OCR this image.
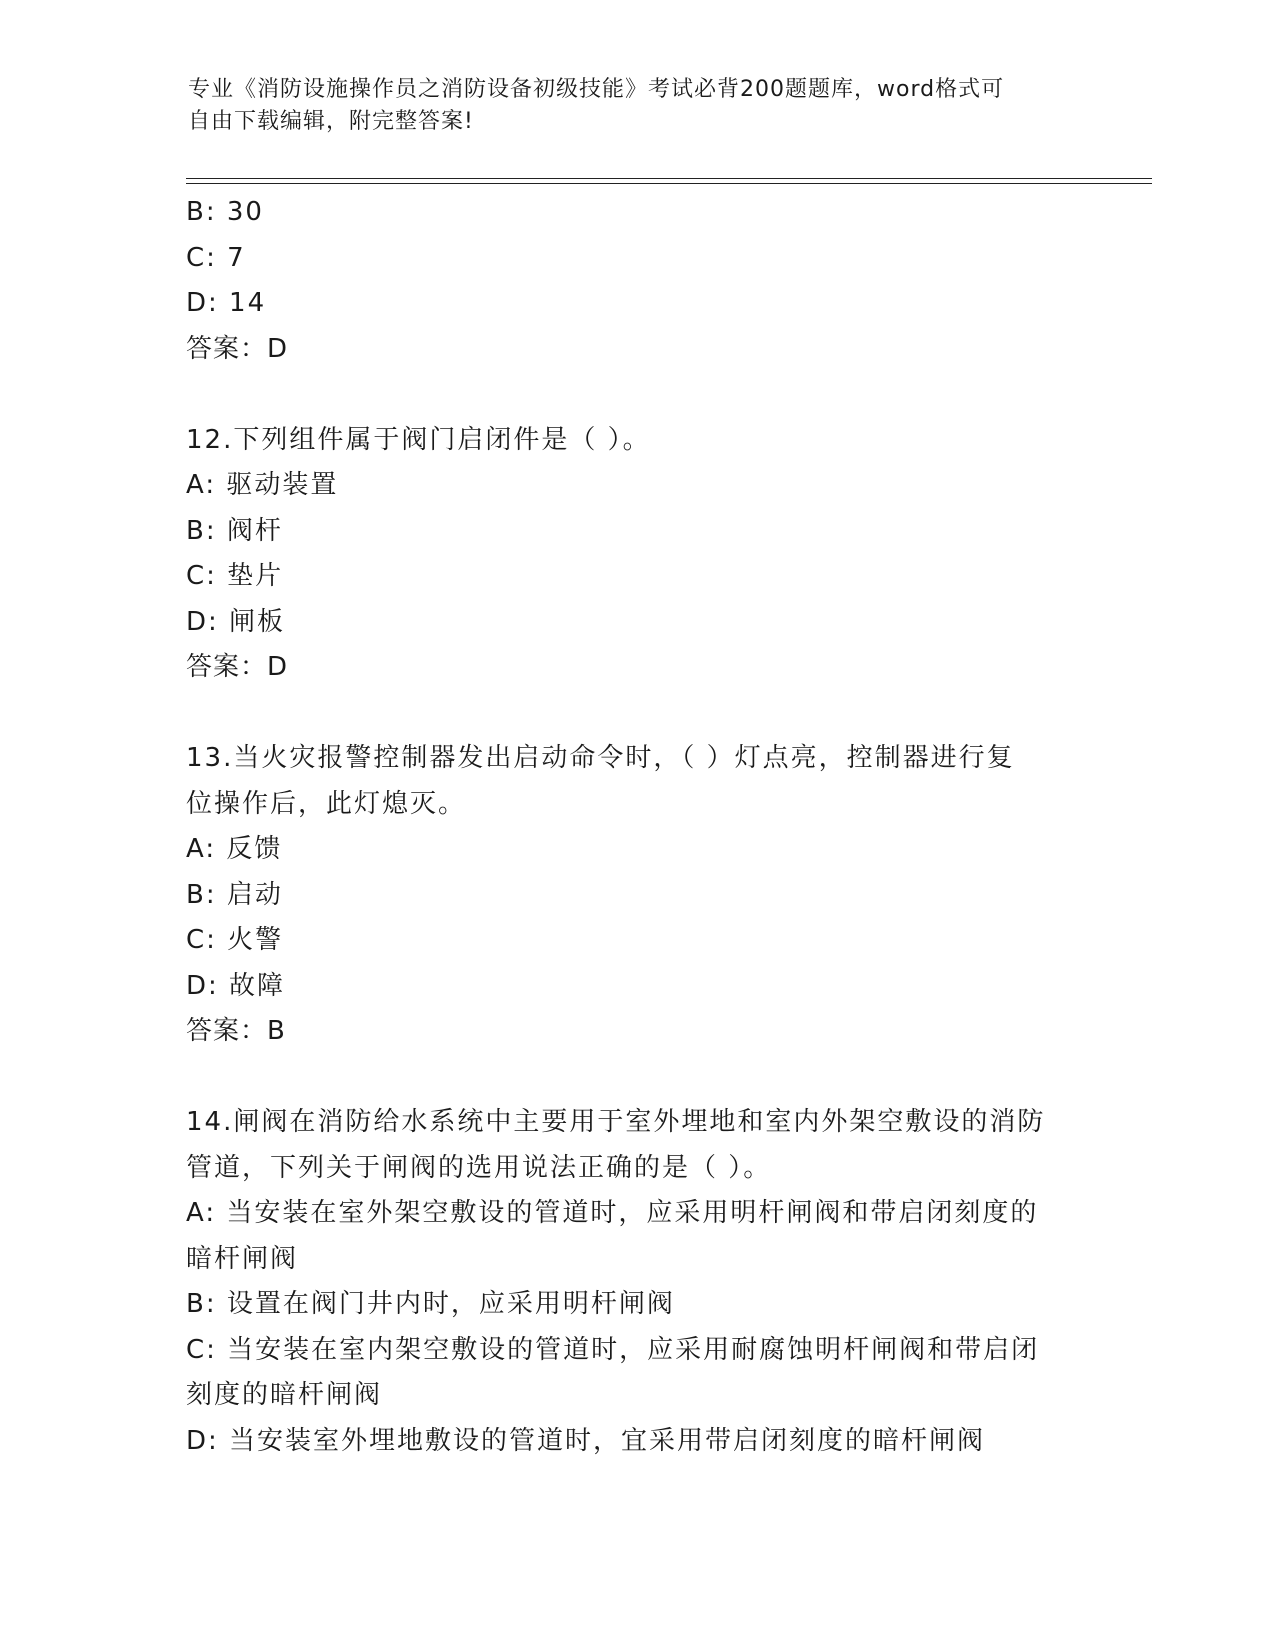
专业《消防设施操作员之消防设备初级技能》考试必背200题题库，word格式可
自由下载编辑，附完整答案!
B: 30
C: 7
D: 14
答案：D
12.下列组件属于阀门启闭件是（ ）。
A: 驱动装置
B: 阀杆
C: 垫片
D: 闸板
答案：D
13.当火灾报警控制器发出启动命令时，（ ）灯点亮，控制器进行复
位操作后，此灯熄灭。
A: 反馈
B: 启动
C: 火警
D: 故障
答案：B
14.闸阀在消防给水系统中主要用于室外埋地和室内外架空敷设的消防
管道，下列关于闸阀的选用说法正确的是（ ）。
A: 当安装在室外架空敷设的管道时，应采用明杆闸阀和带启闭刻度的
暗杆闸阀
B: 设置在阀门井内时，应采用明杆闸阀
C: 当安装在室内架空敷设的管道时，应采用耐腐蚀明杆闸阀和带启闭
刻度的暗杆闸阀
D: 当安装室外埋地敷设的管道时，宜采用带启闭刻度的暗杆闸阀
